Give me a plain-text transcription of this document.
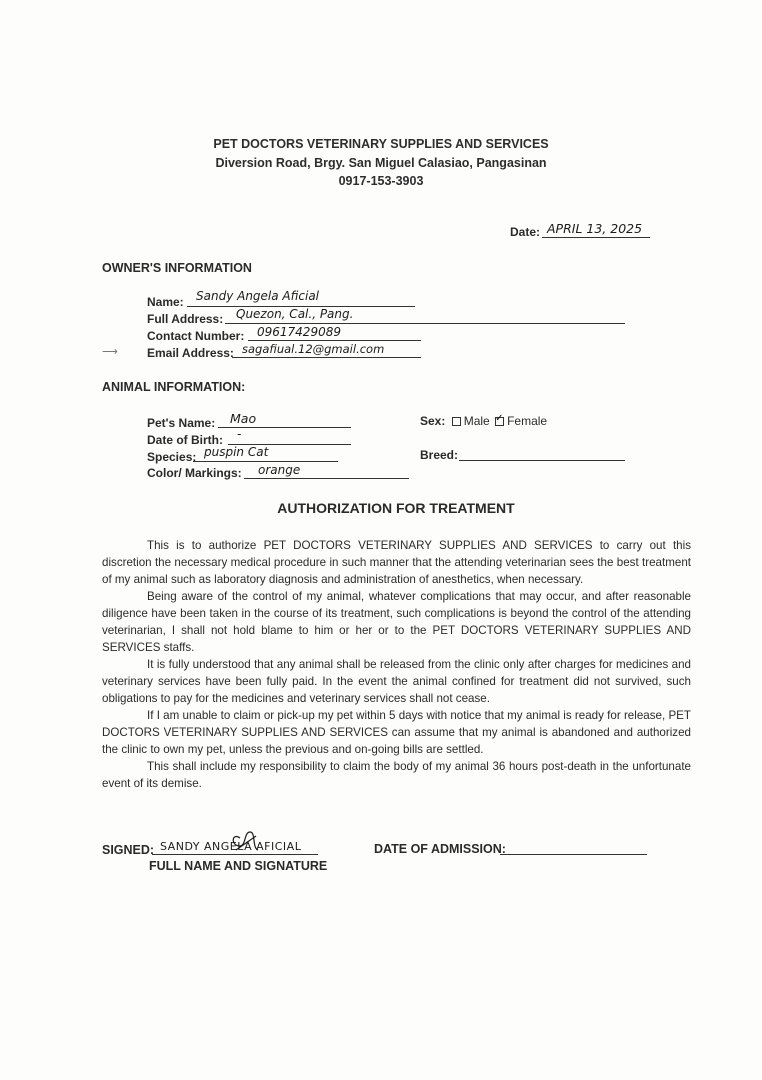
PET DOCTORS VETERINARY SUPPLIES AND SERVICES
Diversion Road, Brgy. San Miguel Calasiao, Pangasinan
0917-153-3903
Date: APRIL 13, 2025
OWNER'S INFORMATION
Name: Sandy Angela Aficial
Full Address: Quezon, Cal., Pang.
Contact Number: 09617429089
⟶ Email Address: sagafiual.12@gmail.com
ANIMAL INFORMATION:
Pet's Name: Mao
Date of Birth: -
Species: puspin Cat
Color/ Markings: orange
Sex: Male ✓ Female
Breed:
AUTHORIZATION FOR TREATMENT

This is to authorize PET DOCTORS VETERINARY SUPPLIES AND SERVICES to carry out this discretion the necessary medical procedure in such manner that the attending veterinarian sees the best treatment of my animal such as laboratory diagnosis and administration of anesthetics, when necessary.

Being aware of the control of my animal, whatever complications that may occur, and after reasonable diligence have been taken in the course of its treatment, such complications is beyond the control of the attending veterinarian, I shall not hold blame to him or her or to the PET DOCTORS VETERINARY SUPPLIES AND SERVICES staffs.

It is fully understood that any animal shall be released from the clinic only after charges for medicines and veterinary services have been fully paid. In the event the animal confined for treatment did not survived, such obligations to pay for the medicines and veterinary services shall not cease.

If I am unable to claim or pick-up my pet within 5 days with notice that my animal is ready for release, PET DOCTORS VETERINARY SUPPLIES AND SERVICES can assume that my animal is abandoned and authorized the clinic to own my pet, unless the previous and on-going bills are settled.

This shall include my responsibility to claim the body of my animal 36 hours post-death in the unfortunate event of its demise.

SIGNED: SANDY ANGELA AFICIAL
FULL NAME AND SIGNATURE
DATE OF ADMISSION:
